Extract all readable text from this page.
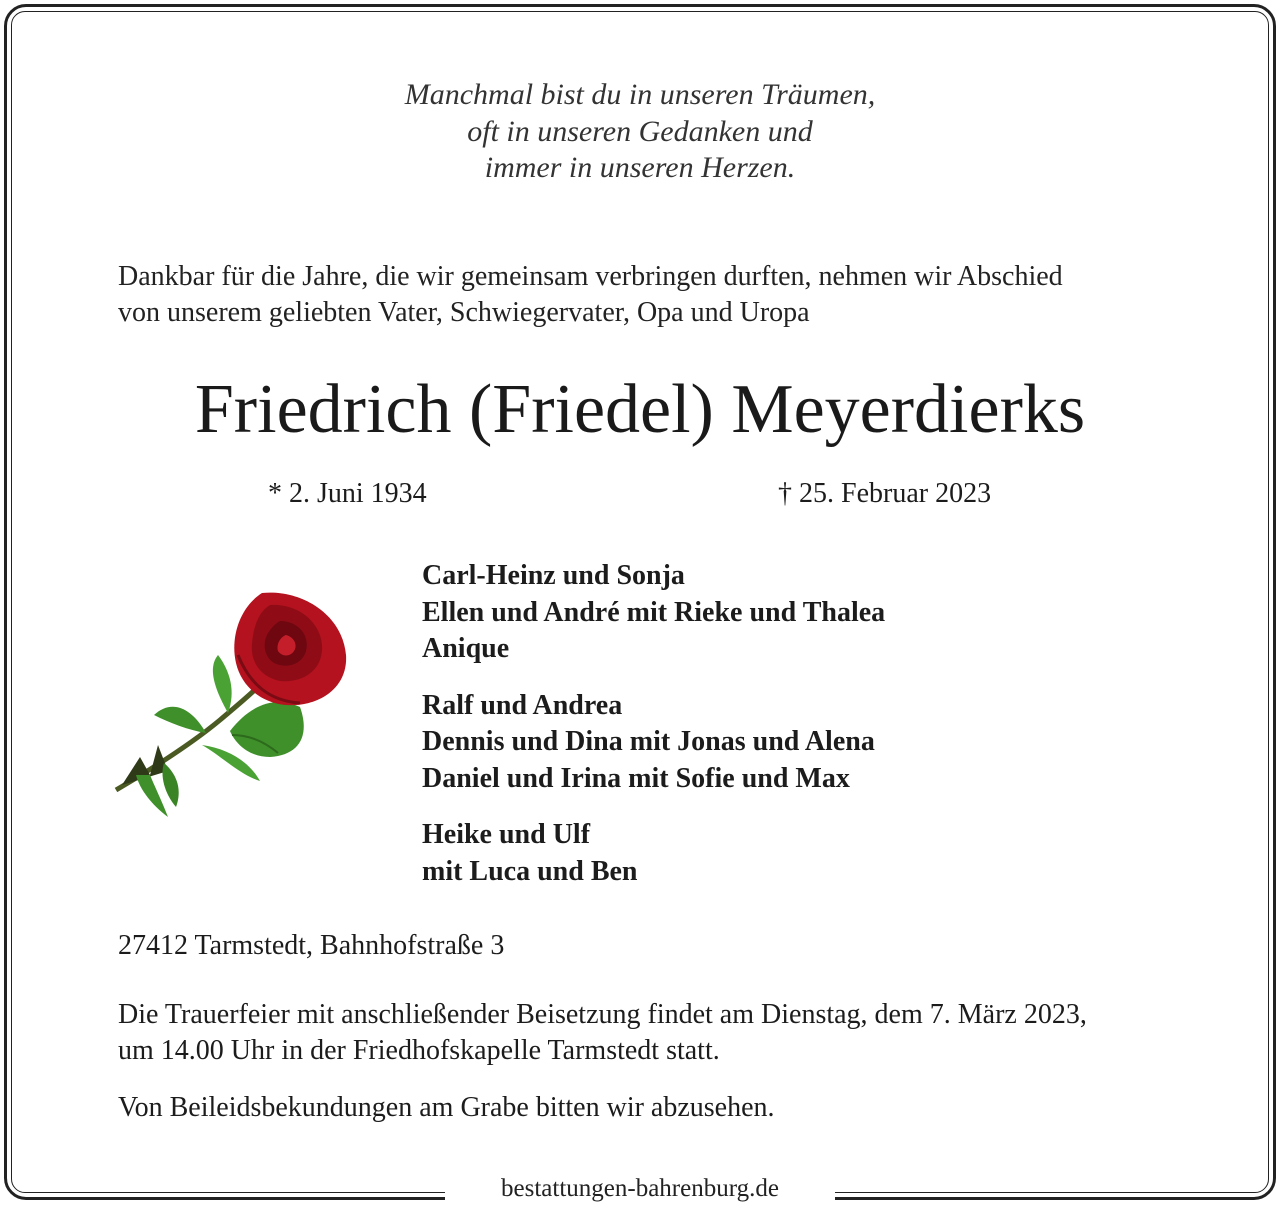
Manchmal bist du in unseren Träumen,
oft in unseren Gedanken und
immer in unseren Herzen.
Dankbar für die Jahre, die wir gemeinsam verbringen durften, nehmen wir Abschied
von unserem geliebten Vater, Schwiegervater, Opa und Uropa
Friedrich (Friedel) Meyerdierks
* 2. Juni 1934	† 25. Februar 2023
Carl-Heinz und Sonja
Ellen und André mit Rieke und Thalea
Anique
Ralf und Andrea
Dennis und Dina mit Jonas und Alena
Daniel und Irina mit Sofie und Max
Heike und Ulf
mit Luca und Ben
27412 Tarmstedt, Bahnhofstraße 3
Die Trauerfeier mit anschließender Beisetzung findet am Dienstag, dem 7. März 2023,
um 14.00 Uhr in der Friedhofskapelle Tarmstedt statt.
Von Beileidsbekundungen am Grabe bitten wir abzusehen.
bestattungen-bahrenburg.de
